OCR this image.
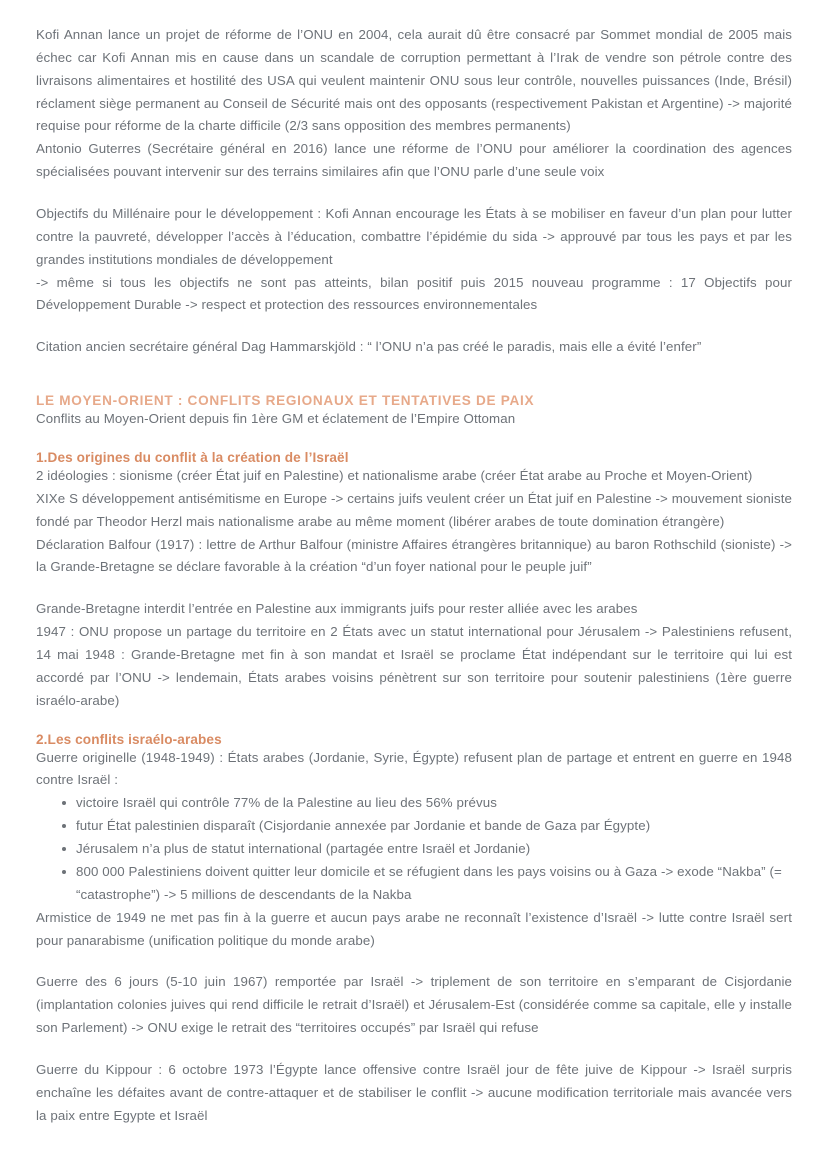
Kofi Annan lance un projet de réforme de l’ONU en 2004, cela aurait dû être consacré par Sommet mondial de 2005 mais échec car Kofi Annan mis en cause dans un scandale de corruption permettant à l’Irak de vendre son pétrole contre des livraisons alimentaires et hostilité des USA qui veulent maintenir ONU sous leur contrôle, nouvelles puissances (Inde, Brésil) réclament siège permanent au Conseil de Sécurité mais ont des opposants (respectivement Pakistan et Argentine) -> majorité requise pour réforme de la charte difficile (2/3 sans opposition des membres permanents)

Antonio Guterres (Secrétaire général en 2016) lance une réforme de l’ONU pour améliorer la coordination des agences spécialisées pouvant intervenir sur des terrains similaires afin que l’ONU parle d’une seule voix

Objectifs du Millénaire pour le développement : Kofi Annan encourage les États à se mobiliser en faveur d’un plan pour lutter contre la pauvreté, développer l’accès à l’éducation, combattre l’épidémie du sida -> approuvé par tous les pays et par les grandes institutions mondiales de développement

-> même si tous les objectifs ne sont pas atteints, bilan positif puis 2015 nouveau programme : 17 Objectifs pour Développement Durable -> respect et protection des ressources environnementales

Citation ancien secrétaire général Dag Hammarskjöld : “ l’ONU n’a pas créé le paradis, mais elle a évité l’enfer”

LE MOYEN-ORIENT : CONFLITS REGIONAUX ET TENTATIVES DE PAIX

Conflits au Moyen-Orient depuis fin 1ère GM et éclatement de l’Empire Ottoman

1.Des origines du conflit à la création de l’Israël

2 idéologies : sionisme (créer État juif en Palestine) et nationalisme arabe (créer État arabe au Proche et Moyen-Orient)

XIXe S développement antisémitisme en Europe -> certains juifs veulent créer un État juif en Palestine -> mouvement sioniste fondé par Theodor Herzl mais nationalisme arabe au même moment (libérer arabes de toute domination étrangère)

Déclaration Balfour (1917) : lettre de Arthur Balfour (ministre Affaires étrangères britannique) au baron Rothschild (sioniste) -> la Grande-Bretagne se déclare favorable à la création “d’un foyer national pour le peuple juif”

Grande-Bretagne interdit l’entrée en Palestine aux immigrants juifs pour rester alliée avec les arabes

1947 : ONU propose un partage du territoire en 2 États avec un statut international pour Jérusalem -> Palestiniens refusent, 14 mai 1948 : Grande-Bretagne met fin à son mandat et Israël se proclame État indépendant sur le territoire qui lui est accordé par l’ONU -> lendemain, États arabes voisins pénètrent sur son territoire pour soutenir palestiniens (1ère guerre israélo-arabe)

2.Les conflits israélo-arabes

Guerre originelle (1948-1949) : États arabes (Jordanie, Syrie, Égypte) refusent plan de partage et entrent en guerre en 1948 contre Israël :

victoire Israël qui contrôle 77% de la Palestine au lieu des 56% prévus
futur État palestinien disparaît (Cisjordanie annexée par Jordanie et bande de Gaza par Égypte)
Jérusalem n’a plus de statut international (partagée entre Israël et Jordanie)
800 000 Palestiniens doivent quitter leur domicile et se réfugient dans les pays voisins ou à Gaza -> exode “Nakba” (= “catastrophe”) -> 5 millions de descendants de la Nakba

Armistice de 1949 ne met pas fin à la guerre et aucun pays arabe ne reconnaît l’existence d’Israël -> lutte contre Israël sert pour panarabisme (unification politique du monde arabe)

Guerre des 6 jours (5-10 juin 1967) remportée par Israël -> triplement de son territoire en s’emparant de Cisjordanie (implantation colonies juives qui rend difficile le retrait d’Israël) et Jérusalem-Est (considérée comme sa capitale, elle y installe son Parlement) -> ONU exige le retrait des “territoires occupés” par Israël qui refuse

Guerre du Kippour : 6 octobre 1973 l’Égypte lance offensive contre Israël jour de fête juive de Kippour -> Israël surpris enchaîne les défaites avant de contre-attaquer et de stabiliser le conflit -> aucune modification territoriale mais avancée vers la paix entre Egypte et Israël
